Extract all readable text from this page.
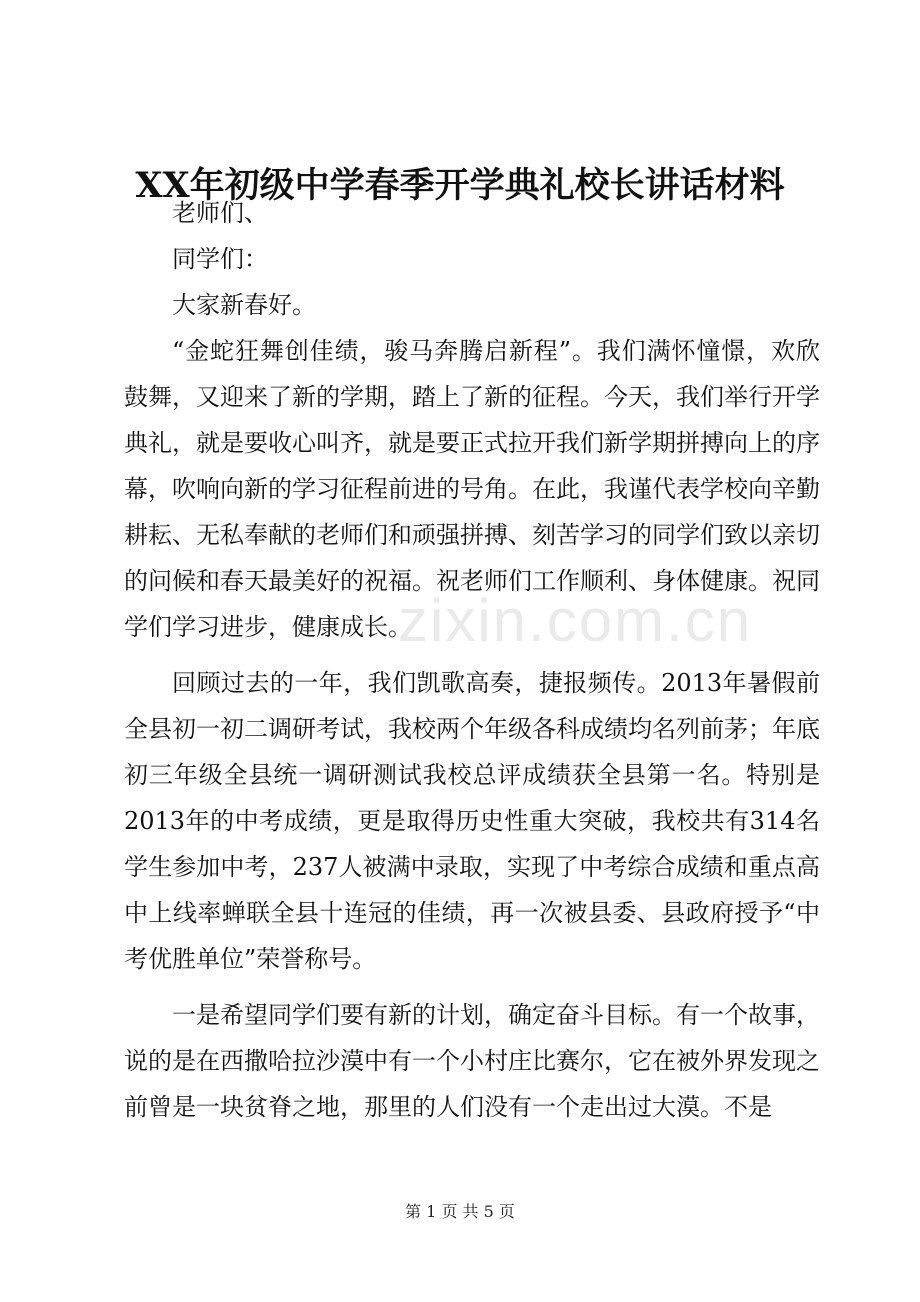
XX年初级中学春季开学典礼校长讲话材料

老师们、

同学们：

大家新春好。

“金蛇狂舞创佳绩，骏马奔腾启新程”。我们满怀憧憬，欢欣鼓舞，又迎来了新的学期，踏上了新的征程。今天，我们举行开学典礼，就是要收心叫齐，就是要正式拉开我们新学期拼搏向上的序幕，吹响向新的学习征程前进的号角。在此，我谨代表学校向辛勤耕耘、无私奉献的老师们和顽强拼搏、刻苦学习的同学们致以亲切的问候和春天最美好的祝福。祝老师们工作顺利、身体健康。祝同学们学习进步，健康成长。

回顾过去的一年，我们凯歌高奏，捷报频传。2013年暑假前全县初一初二调研考试，我校两个年级各科成绩均名列前茅；年底初三年级全县统一调研测试我校总评成绩获全县第一名。特别是2013年的中考成绩，更是取得历史性重大突破，我校共有314名学生参加中考，237人被满中录取，实现了中考综合成绩和重点高中上线率蝉联全县十连冠的佳绩，再一次被县委、县政府授予“中考优胜单位”荣誉称号。

一是希望同学们要有新的计划，确定奋斗目标。有一个故事，说的是在西撒哈拉沙漠中有一个小村庄比赛尔，它在被外界发现之前曾是一块贫脊之地，那里的人们没有一个走出过大漠。不是

zixin.com.cn
第 1 页 共 5 页
